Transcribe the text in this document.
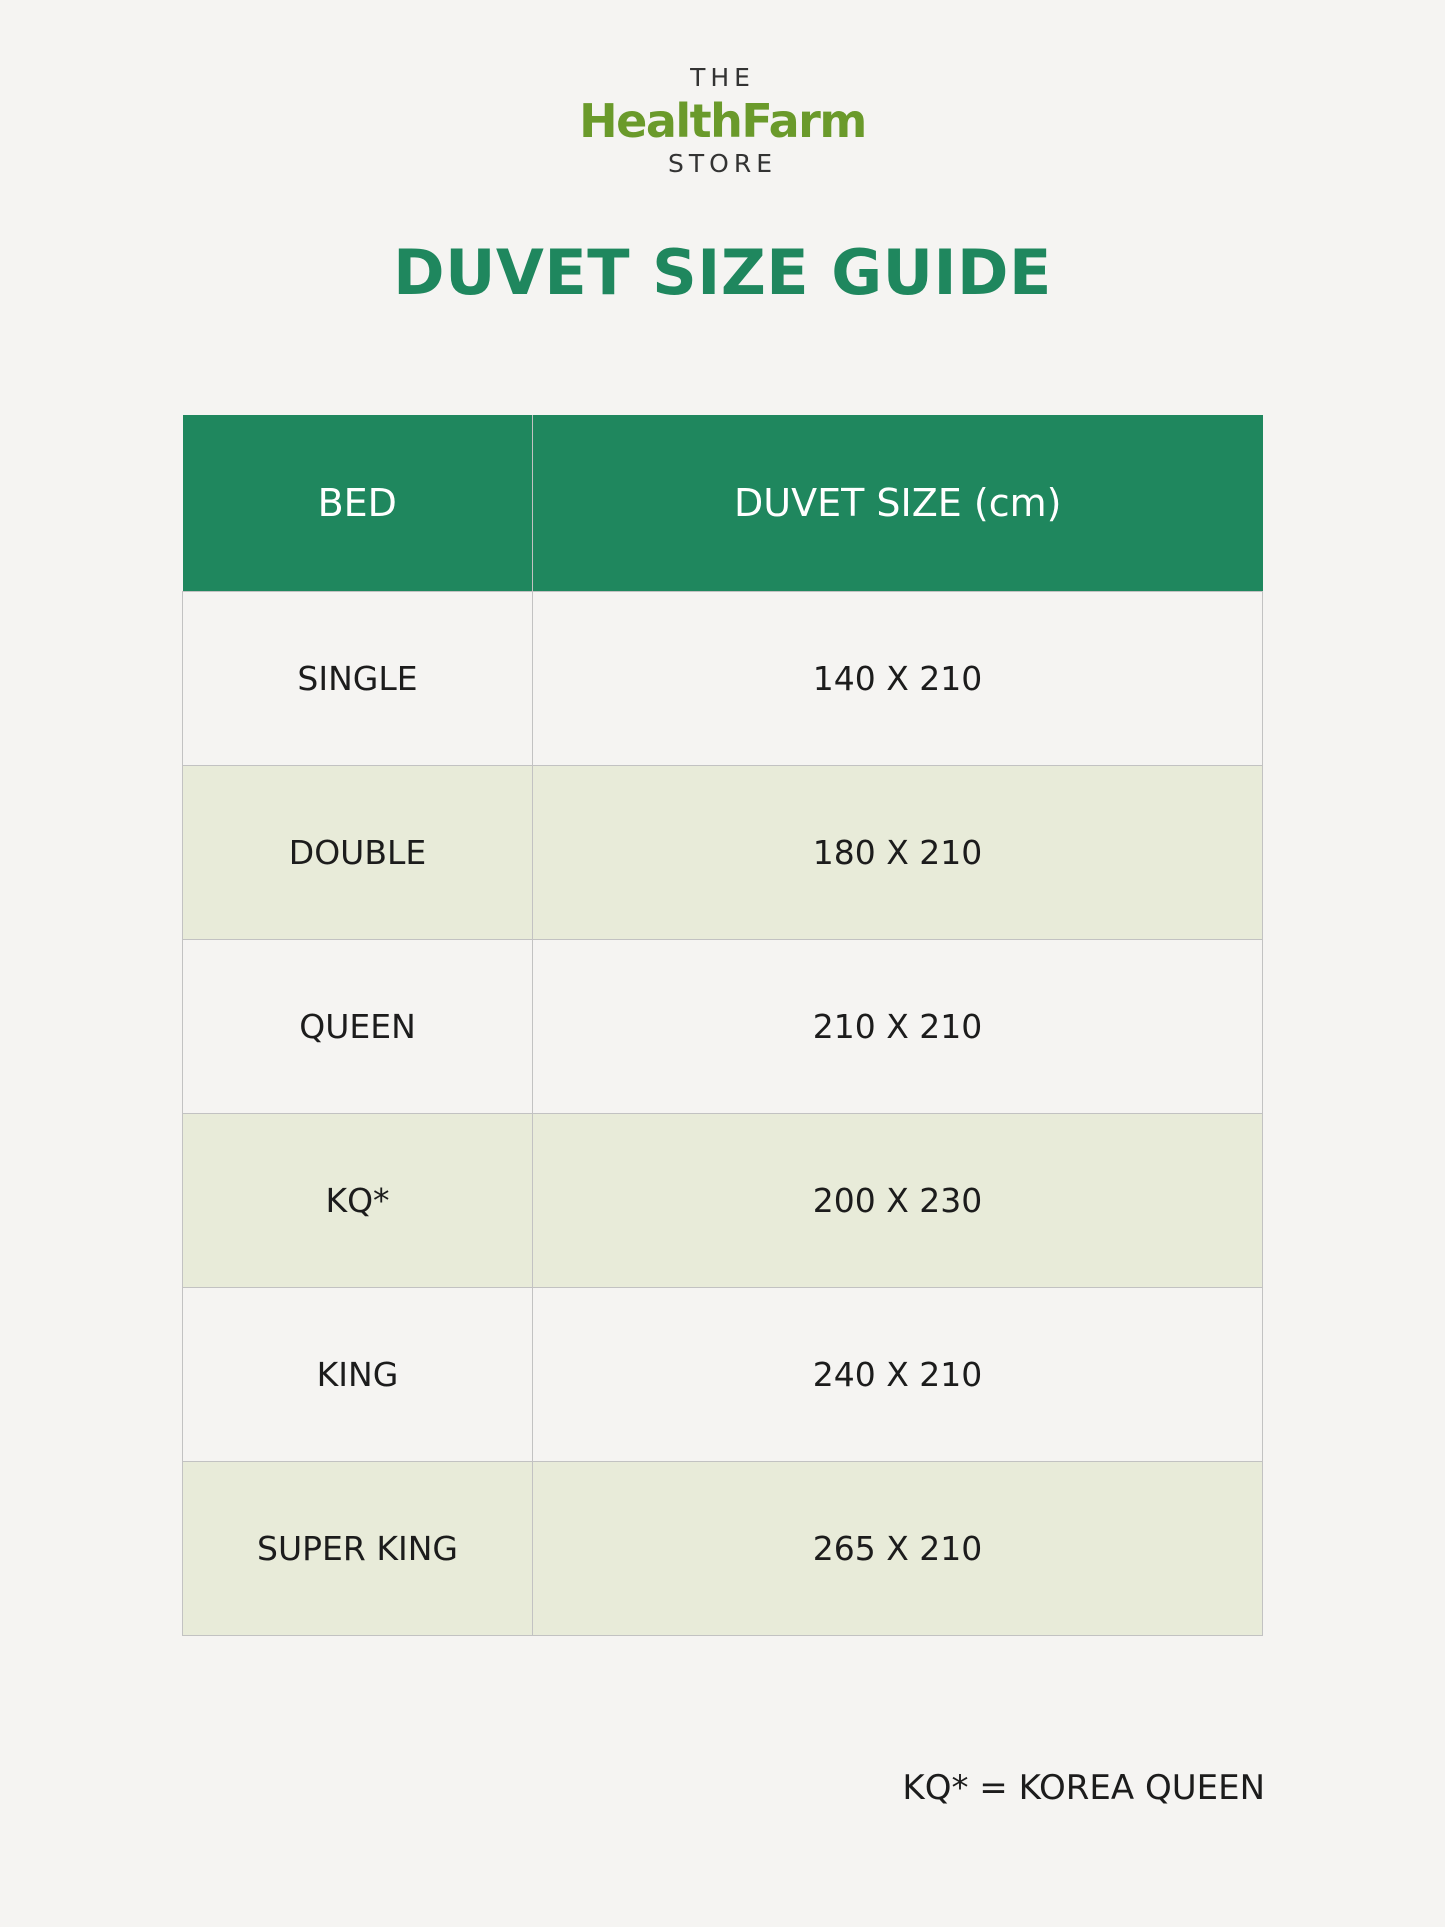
THE
HealthFarm
STORE
DUVET SIZE GUIDE
BED	DUVET SIZE (cm)
SINGLE	140 X 210
DOUBLE	180 X 210
QUEEN	210 X 210
KQ*	200 X 230
KING	240 X 210
SUPER KING	265 X 210
KQ* = KOREA QUEEN
